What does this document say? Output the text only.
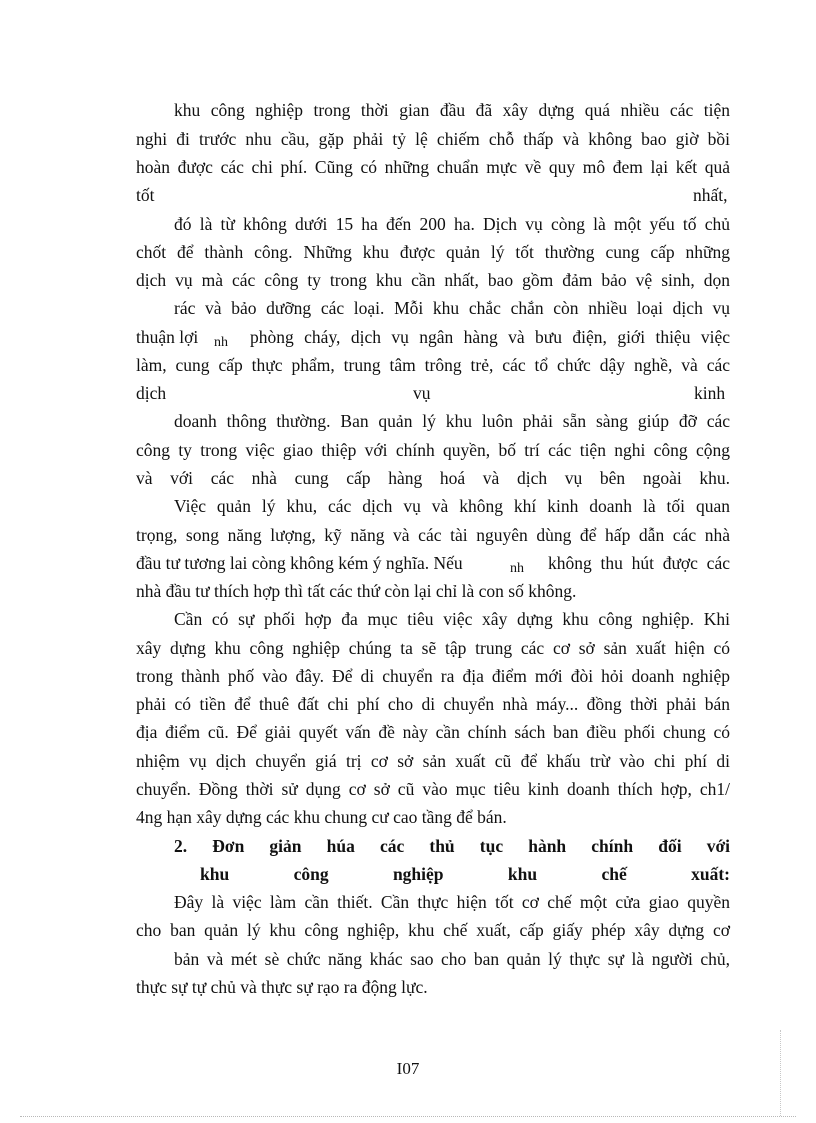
khu công nghiệp trong thời gian đầu đã xây dựng quá nhiều các tiện
nghi đi trước nhu cầu, gặp phải tỷ lệ chiếm chỗ thấp và không bao giờ bồi
hoàn được các chi phí. Cũng có những chuẩn mực về quy mô đem lại kết quả
tốt	nhất,
đó là từ không dưới 15 ha đến 200 ha. Dịch vụ còng là một yếu tố chủ
chốt để thành công. Những khu được quản lý tốt thường cung cấp những
dịch vụ mà các công ty trong khu cần nhất, bao gồm đảm bảo vệ sinh, dọn
rác và bảo dưỡng các loại. Mỗi khu chắc chắn còn nhiều loại dịch vụ
thuận lợi nh phòng cháy, dịch vụ ngân hàng và bưu điện, giới thiệu việc
làm, cung cấp thực phẩm, trung tâm trông trẻ, các tổ chức dậy nghề, và các
dịch	vụ	kinh
doanh thông thường. Ban quản lý khu luôn phải sẵn sàng giúp đỡ các
công ty trong việc giao thiệp với chính quyền, bố trí các tiện nghi công cộng
và với các nhà cung cấp hàng hoá và dịch vụ bên ngoài khu.
Việc quản lý khu, các dịch vụ và không khí kinh doanh là tối quan
trọng, song năng lượng, kỹ năng và các tài nguyên dùng để hấp dẫn các nhà
đầu tư tương lai còng không kém ý nghĩa. Nếu	nh không thu hút được các
nhà đầu tư thích hợp thì tất các thứ còn lại chỉ là con số không.
Cần có sự phối hợp đa mục tiêu việc xây dựng khu công nghiệp. Khi
xây dựng khu công nghiệp chúng ta sẽ tập trung các cơ sở sản xuất hiện có
trong thành phố vào đây. Để di chuyển ra địa điểm mới đòi hỏi doanh nghiệp
phải có tiền để thuê đất chi phí cho di chuyển nhà máy... đồng thời phải bán
địa điểm cũ. Để giải quyết vấn đề này cần chính sách ban điều phối chung có
nhiệm vụ dịch chuyển giá trị cơ sở sản xuất cũ để khấu trừ vào chi phí di
chuyển. Đồng thời sử dụng cơ sở cũ vào mục tiêu kinh doanh thích hợp, ch1/
4ng hạn xây dựng các khu chung cư cao tầng để bán.
2. Đơn giản húa các thủ tục hành chính đối với
khu công nghiệp khu chế xuất:
Đây là việc làm cần thiết. Cần thực hiện tốt cơ chế một cửa giao quyền
cho ban quản lý khu công nghiệp, khu chế xuất, cấp giấy phép xây dựng cơ
bản và mét sè chức năng khác sao cho ban quản lý thực sự là người chủ,
thực sự tự chủ và thực sự rạo ra động lực.
I07
